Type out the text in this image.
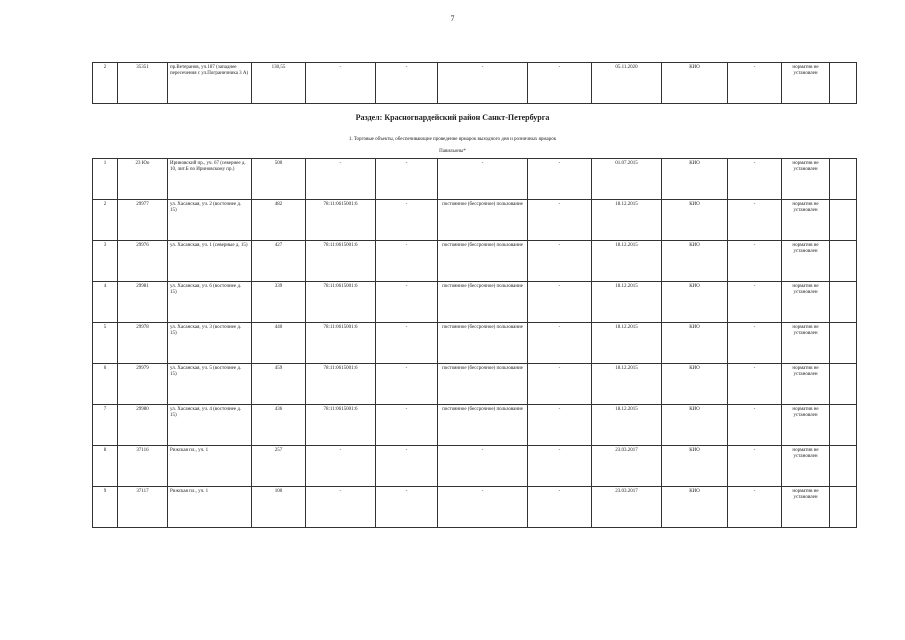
7
2	35351	пр.Ветеранов, уч.187 (западнее пересечения с ул.Пограничника 3 А)	130,55	-	-	-	-	05.11.2020	КИО	-	норматив не установлен	
Раздел: Красногвардейский район Санкт-Петербурга
1. Торговые объекты, обеспечивающие проведение ярмарок выходного дня и розничных ярмарок
Павильоны*
1	23 Юо	Ириновский пр., уч. 67 (севернее д. 10, лит.Б по Ириновскому пр.)	500	-	-	-	-	01.07.2015	КИО	-	норматив не установлен	
2	29977	ул. Хасанская, уч. 2 (восточнее д. 15)	482	78:11:0615001:6	-	постоянное (бессрочное) пользование	-	18.12.2015	КИО	-	норматив не установлен	
3	29976	ул. Хасанская, уч. 1 (северные д. 15)	427	78:11:0615001:6	-	постоянное (бессрочное) пользование	-	18.12.2015	КИО	-	норматив не установлен	
4	29981	ул. Хасанская, уч. 6 (восточнее д. 15)	339	78:11:0615001:6	-	постоянное (бессрочное) пользование	-	18.12.2015	КИО	-	норматив не установлен	
5	29978	ул. Хасанская, уч. 3 (восточнее д. 15)	440	78:11:0615001:6	-	постоянное (бессрочное) пользование	-	18.12.2015	КИО	-	норматив не установлен	
6	29979	ул. Хасанская, уч. 5 (восточнее д. 15)	459	78:11:0615001:6	-	постоянное (бессрочное) пользование	-	18.12.2015	КИО	-	норматив не установлен	
7	29980	ул. Хасанская, уч. 4 (восточнее д. 15)	436	78:11:0615001:6	-	постоянное (бессрочное) пользование	-	18.12.2015	КИО	-	норматив не установлен	
8	37116	Рижская пл., уч. 1	257	-	-	-	-	23.03.2017	КИО	-	норматив не установлен	
9	37117	Рижская пл., уч. 1	100	-	-	-	-	23.03.2017	КИО	-	норматив не установлен	
